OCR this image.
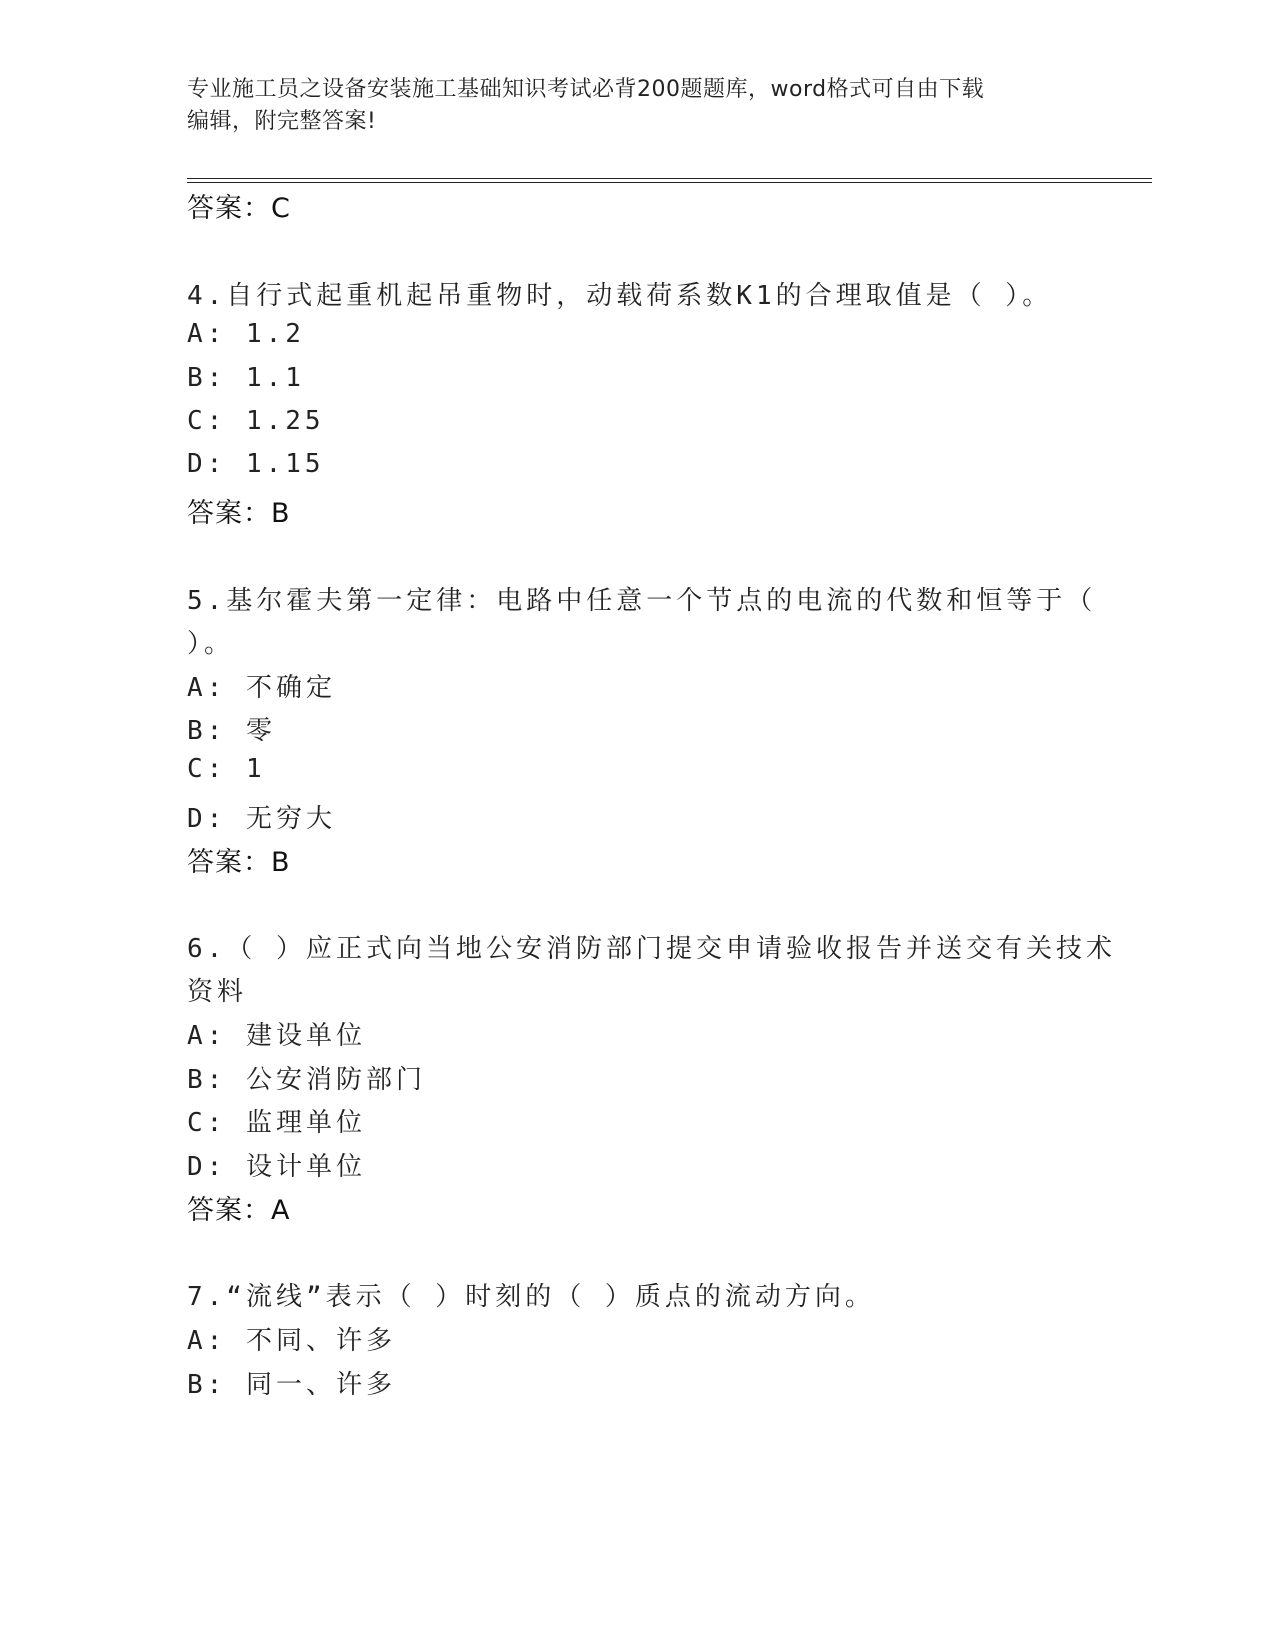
专业施工员之设备安装施工基础知识考试必背200题题库，word格式可自由下载
编辑，附完整答案!
答案：C
4.自行式起重机起吊重物时，动载荷系数K1的合理取值是（ ）。
A: 1.2
B: 1.1
C: 1.25
D: 1.15
答案：B
5.基尔霍夫第一定律：电路中任意一个节点的电流的代数和恒等于（
）。
A: 不确定
B: 零
C: 1
D: 无穷大
答案：B
6.（ ）应正式向当地公安消防部门提交申请验收报告并送交有关技术
资料
A: 建设单位
B: 公安消防部门
C: 监理单位
D: 设计单位
答案：A
7.“流线”表示（ ）时刻的（ ）质点的流动方向。
A: 不同、许多
B: 同一、许多
